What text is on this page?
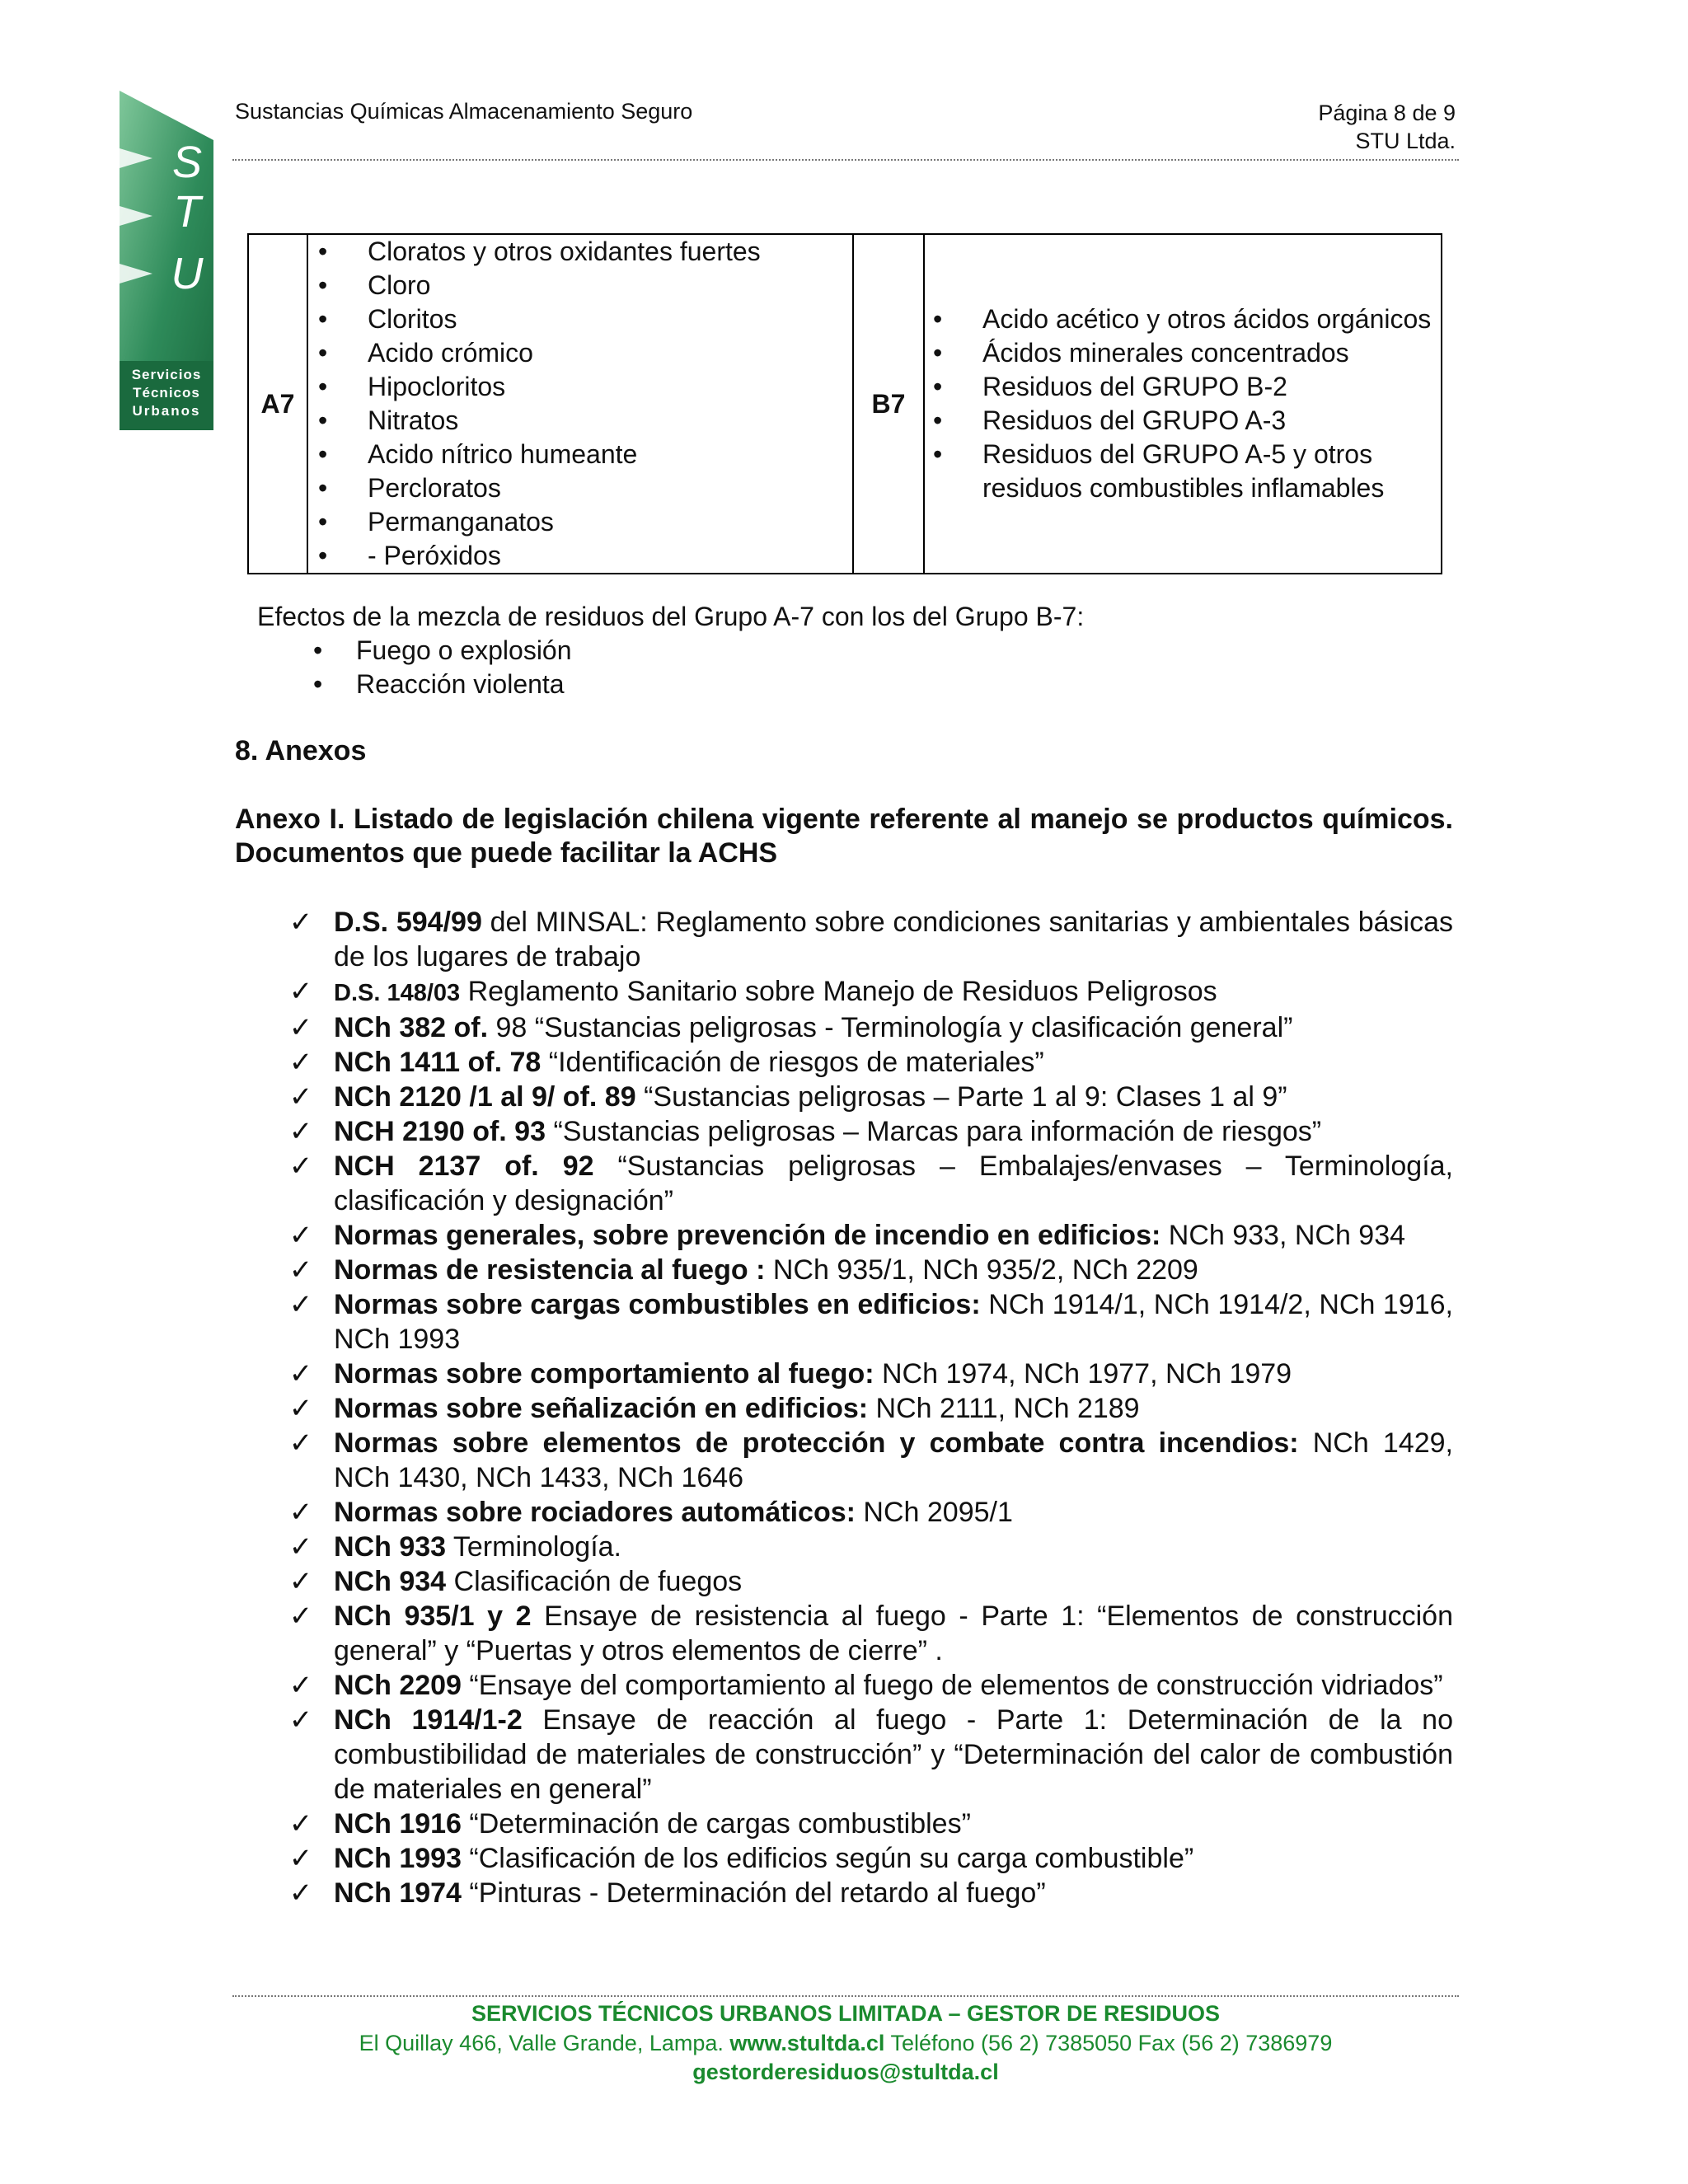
S
T
U
Servicios
Técnicos
Urbanos
Sustancias Químicas Almacenamiento Seguro	Página 8 de 9
STU Ltda.
A7	
• Cloratos y otros oxidantes fuertes
• Cloro
• Cloritos
• Acido crómico
• Hipocloritos
• Nitratos
• Acido nítrico humeante
• Percloratos
• Permanganatos
• - Peróxidos
	B7	
• Acido acético y otros ácidos orgánicos
• Ácidos minerales concentrados
• Residuos del GRUPO B-2
• Residuos del GRUPO A-3
• Residuos del GRUPO A-5 y otros residuos combustibles inflamables
Efectos de la mezcla de residuos del Grupo A-7 con los del Grupo B-7:
• Fuego o explosión
• Reacción violenta
8. Anexos
Anexo I. Listado de legislación chilena vigente referente al manejo se productos químicos. Documentos que puede facilitar la ACHS
✓ D.S. 594/99 del MINSAL: Reglamento sobre condiciones sanitarias y ambientales básicas de los lugares de trabajo
✓ D.S. 148/03 Reglamento Sanitario sobre Manejo de Residuos Peligrosos
✓ NCh 382 of. 98 “Sustancias peligrosas - Terminología y clasificación general”
✓ NCh 1411 of. 78 “Identificación de riesgos de materiales”
✓ NCh 2120 /1 al 9/ of. 89 “Sustancias peligrosas – Parte 1 al 9: Clases 1 al 9”
✓ NCH 2190 of. 93 “Sustancias peligrosas – Marcas para información de riesgos”
✓ NCH 2137 of. 92 “Sustancias peligrosas – Embalajes/envases – Terminología, clasificación y designación”
✓ Normas generales, sobre prevención de incendio en edificios: NCh 933, NCh 934
✓ Normas de resistencia al fuego : NCh 935/1, NCh 935/2, NCh 2209
✓ Normas sobre cargas combustibles en edificios: NCh 1914/1, NCh 1914/2, NCh 1916, NCh 1993
✓ Normas sobre comportamiento al fuego: NCh 1974, NCh 1977, NCh 1979
✓ Normas sobre señalización en edificios: NCh 2111, NCh 2189
✓ Normas sobre elementos de protección y combate contra incendios: NCh 1429, NCh 1430, NCh 1433, NCh 1646
✓ Normas sobre rociadores automáticos: NCh 2095/1
✓ NCh 933 Terminología.
✓ NCh 934 Clasificación de fuegos
✓ NCh 935/1 y 2 Ensaye de resistencia al fuego - Parte 1: “Elementos de construcción general” y “Puertas y otros elementos de cierre” .
✓ NCh 2209 “Ensaye del comportamiento al fuego de elementos de construcción vidriados”
✓ NCh 1914/1-2 Ensaye de reacción al fuego - Parte 1: Determinación de la no combustibilidad de materiales de construcción” y “Determinación del calor de combustión de materiales en general”
✓ NCh 1916 “Determinación de cargas combustibles”
✓ NCh 1993 “Clasificación de los edificios según su carga combustible”
✓ NCh 1974 “Pinturas - Determinación del retardo al fuego”
SERVICIOS TÉCNICOS URBANOS LIMITADA – GESTOR DE RESIDUOS
El Quillay 466, Valle Grande, Lampa. www.stultda.cl Teléfono (56 2) 7385050 Fax (56 2) 7386979
gestorderesiduos@stultda.cl
